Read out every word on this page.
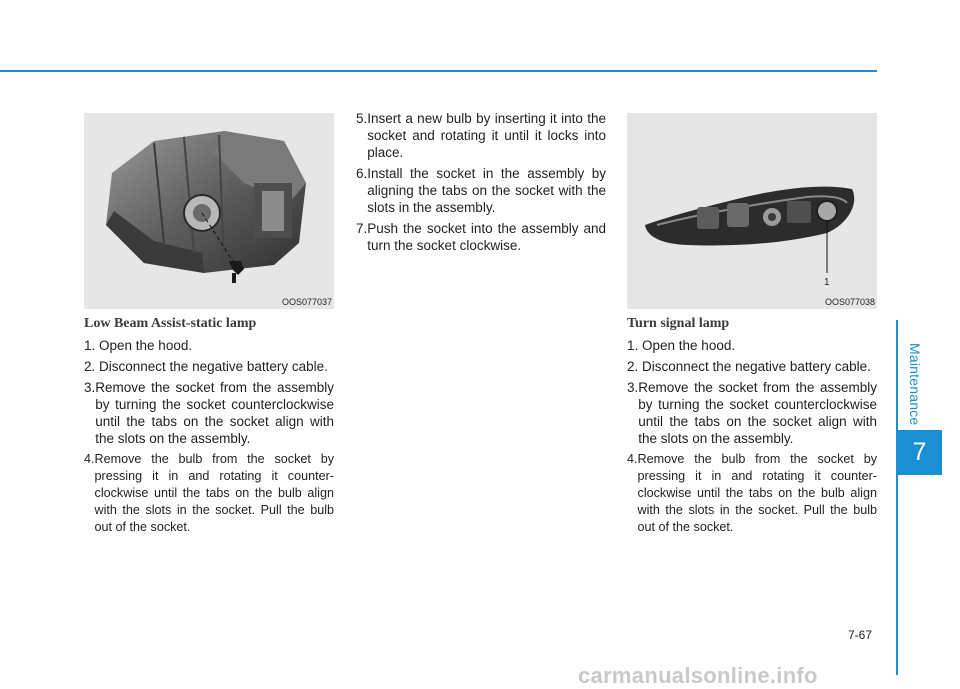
Maintenance
7
OOS077037
1
OOS077038
Low Beam Assist-static lamp
1. Open the hood.
2. Disconnect the negative battery cable.
3. Remove the socket from the assembly by turning the socket counterclockwise until the tabs on the socket align with the slots on the assembly.
4. Remove the bulb from the socket by pressing it in and rotating it counter-clockwise until the tabs on the bulb align with the slots in the socket. Pull the bulb out of the socket.
5. Insert a new bulb by inserting it into the socket and rotating it until it locks into place.
6. Install the socket in the assembly by aligning the tabs on the socket with the slots in the assembly.
7. Push the socket into the assembly and turn the socket clockwise.
Turn signal lamp
1. Open the hood.
2. Disconnect the negative battery cable.
3. Remove the socket from the assembly by turning the socket counterclockwise until the tabs on the socket align with the slots on the assembly.
4. Remove the bulb from the socket by pressing it in and rotating it counter-clockwise until the tabs on the bulb align with the slots in the socket. Pull the bulb out of the socket.
7-67
carmanualsonline.info
